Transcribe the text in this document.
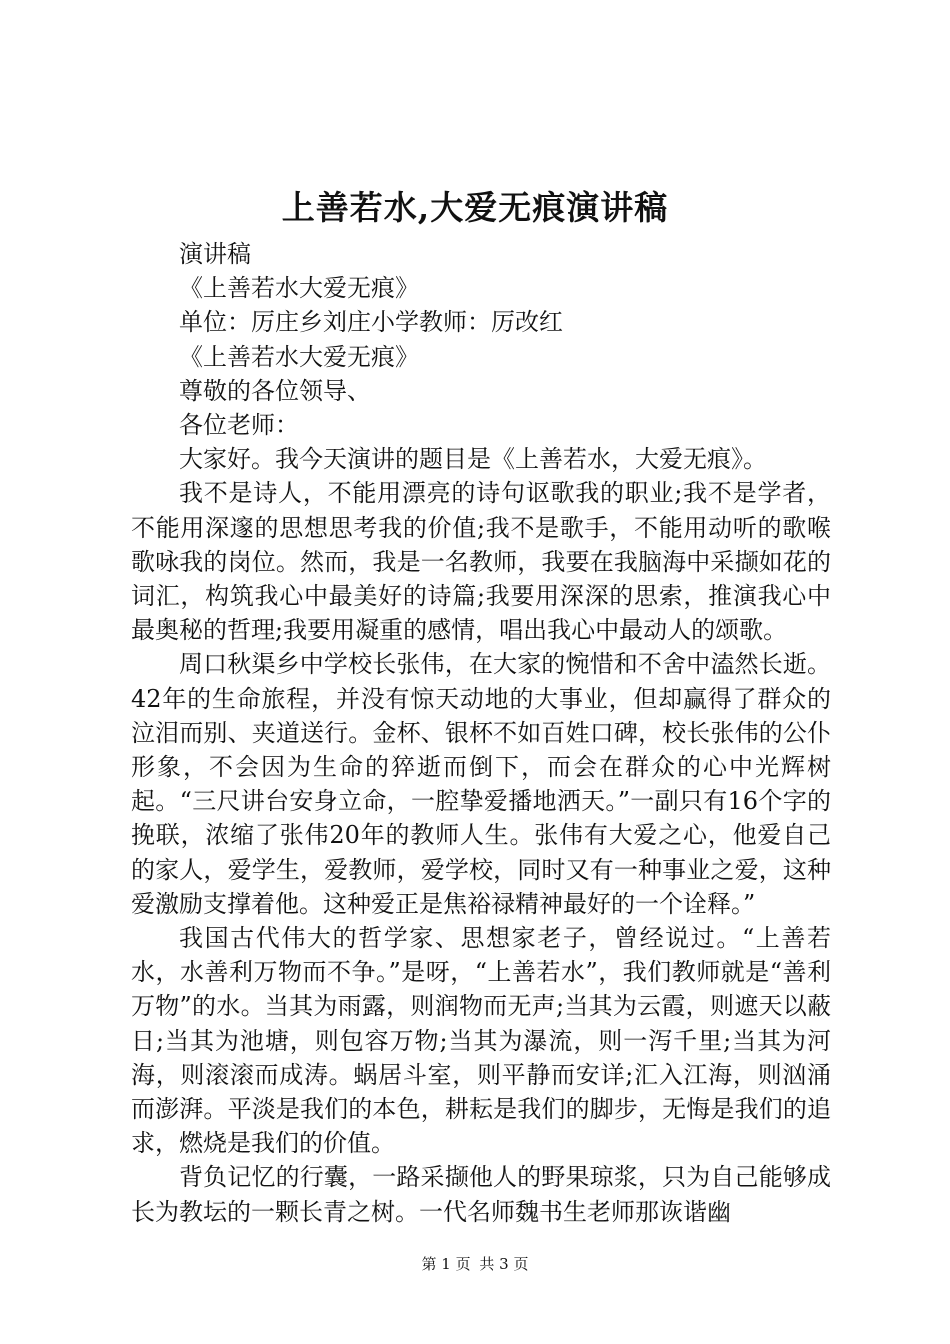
上善若水,大爱无痕演讲稿

演讲稿

《上善若水大爱无痕》

单位：厉庄乡刘庄小学教师：厉改红

《上善若水大爱无痕》

尊敬的各位领导、

各位老师：

大家好。我今天演讲的题目是《上善若水，大爱无痕》。

我不是诗人，不能用漂亮的诗句讴歌我的职业;我不是学者，不能用深邃的思想思考我的价值;我不是歌手，不能用动听的歌喉歌咏我的岗位。然而，我是一名教师，我要在我脑海中采撷如花的词汇，构筑我心中最美好的诗篇;我要用深深的思索，推演我心中最奥秘的哲理;我要用凝重的感情，唱出我心中最动人的颂歌。

周口秋渠乡中学校长张伟，在大家的惋惜和不舍中溘然长逝。42年的生命旅程，并没有惊天动地的大事业，但却赢得了群众的泣泪而别、夹道送行。金杯、银杯不如百姓口碑，校长张伟的公仆形象，不会因为生命的猝逝而倒下，而会在群众的心中光辉树起。“三尺讲台安身立命，一腔挚爱播地洒天。”一副只有16个字的挽联，浓缩了张伟20年的教师人生。张伟有大爱之心，他爱自己的家人，爱学生，爱教师，爱学校，同时又有一种事业之爱，这种爱激励支撑着他。这种爱正是焦裕禄精神最好的一个诠释。”

我国古代伟大的哲学家、思想家老子，曾经说过。“上善若水，水善利万物而不争。”是呀，“上善若水”，我们教师就是“善利万物”的水。当其为雨露，则润物而无声;当其为云霞，则遮天以蔽日;当其为池塘，则包容万物;当其为瀑流，则一泻千里;当其为河海，则滚滚而成涛。蜗居斗室，则平静而安详;汇入江海，则汹涌而澎湃。平淡是我们的本色，耕耘是我们的脚步，无悔是我们的追求，燃烧是我们的价值。

背负记忆的行囊，一路采撷他人的野果琼浆，只为自己能够成长为教坛的一颗长青之树。一代名师魏书生老师那诙谐幽

第 1 页 共 3 页
